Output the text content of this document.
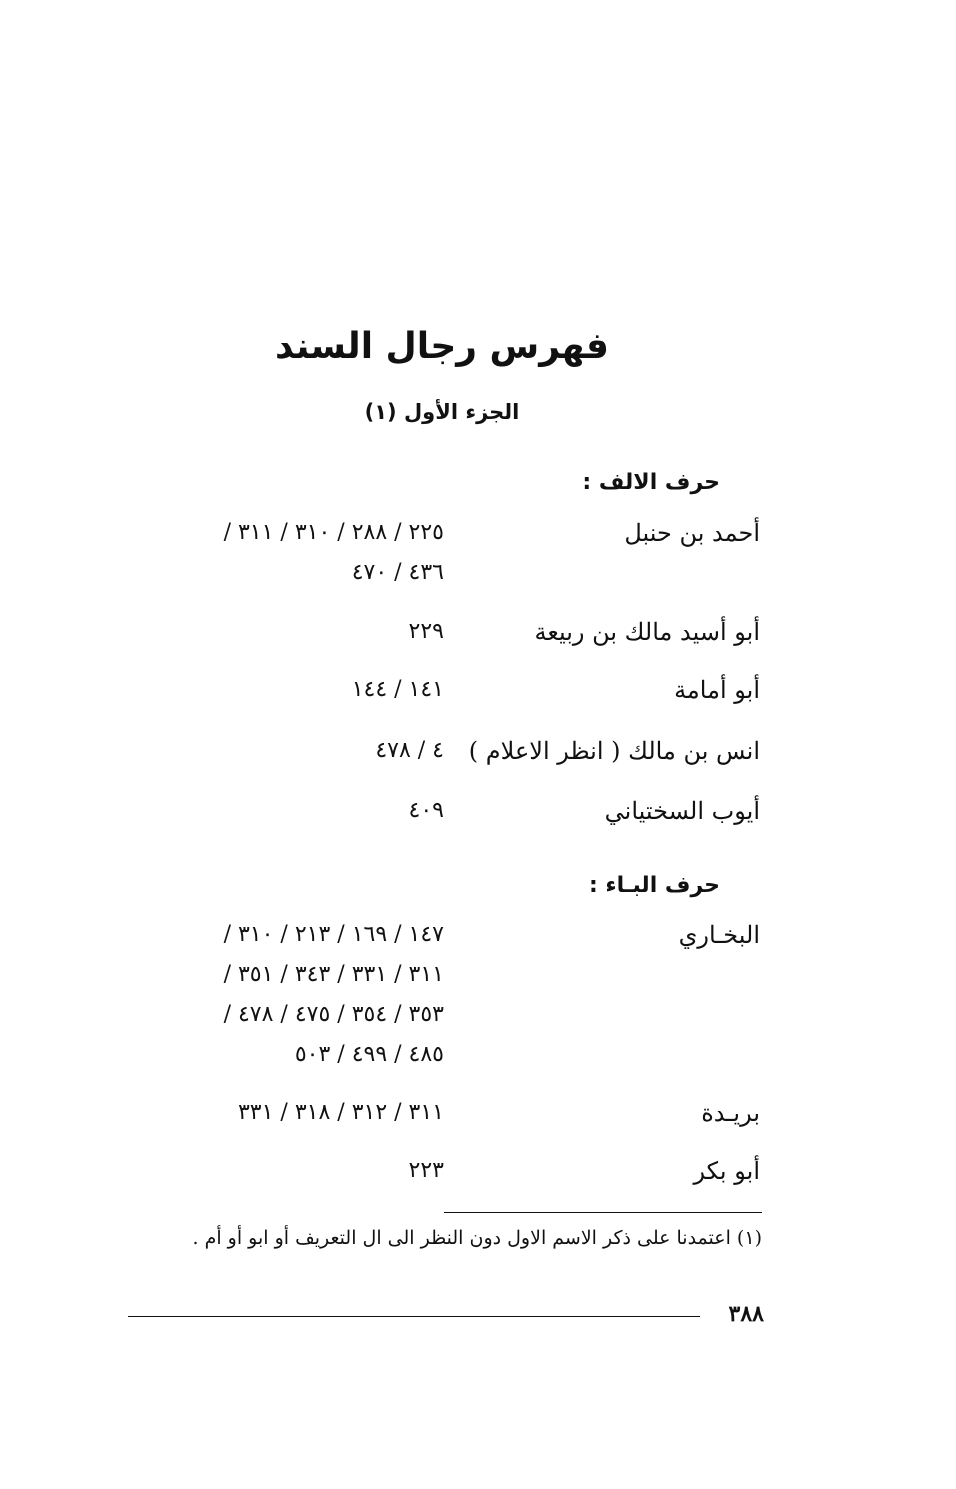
فهرس رجال السند
الجزء الأول (١)
حرف الالف :
أحمد بن حنبل
٢٢٥ / ٢٨٨ / ٣١٠ / ٣١١ /
٤٣٦ / ٤٧٠
أبو أسيد مالك بن ربيعة
٢٢٩
أبو أمامة
١٤١ / ١٤٤
انس بن مالك ( انظر الاعلام )
٤ / ٤٧٨
أيوب السختياني
٤٠٩
حرف البـاء :
البخـاري
١٤٧ / ١٦٩ / ٢١٣ / ٣١٠ /
٣١١ / ٣٣١ / ٣٤٣ / ٣٥١ /
٣٥٣ / ٣٥٤ / ٤٧٥ / ٤٧٨ /
٤٨٥ / ٤٩٩ / ٥٠٣
بريـدة
٣١١ / ٣١٢ / ٣١٨ / ٣٣١
أبو بكر
٢٢٣
(١) اعتمدنا على ذكر الاسم الاول دون النظر الى ال التعريف أو ابو أو أم .
٣٨٨
